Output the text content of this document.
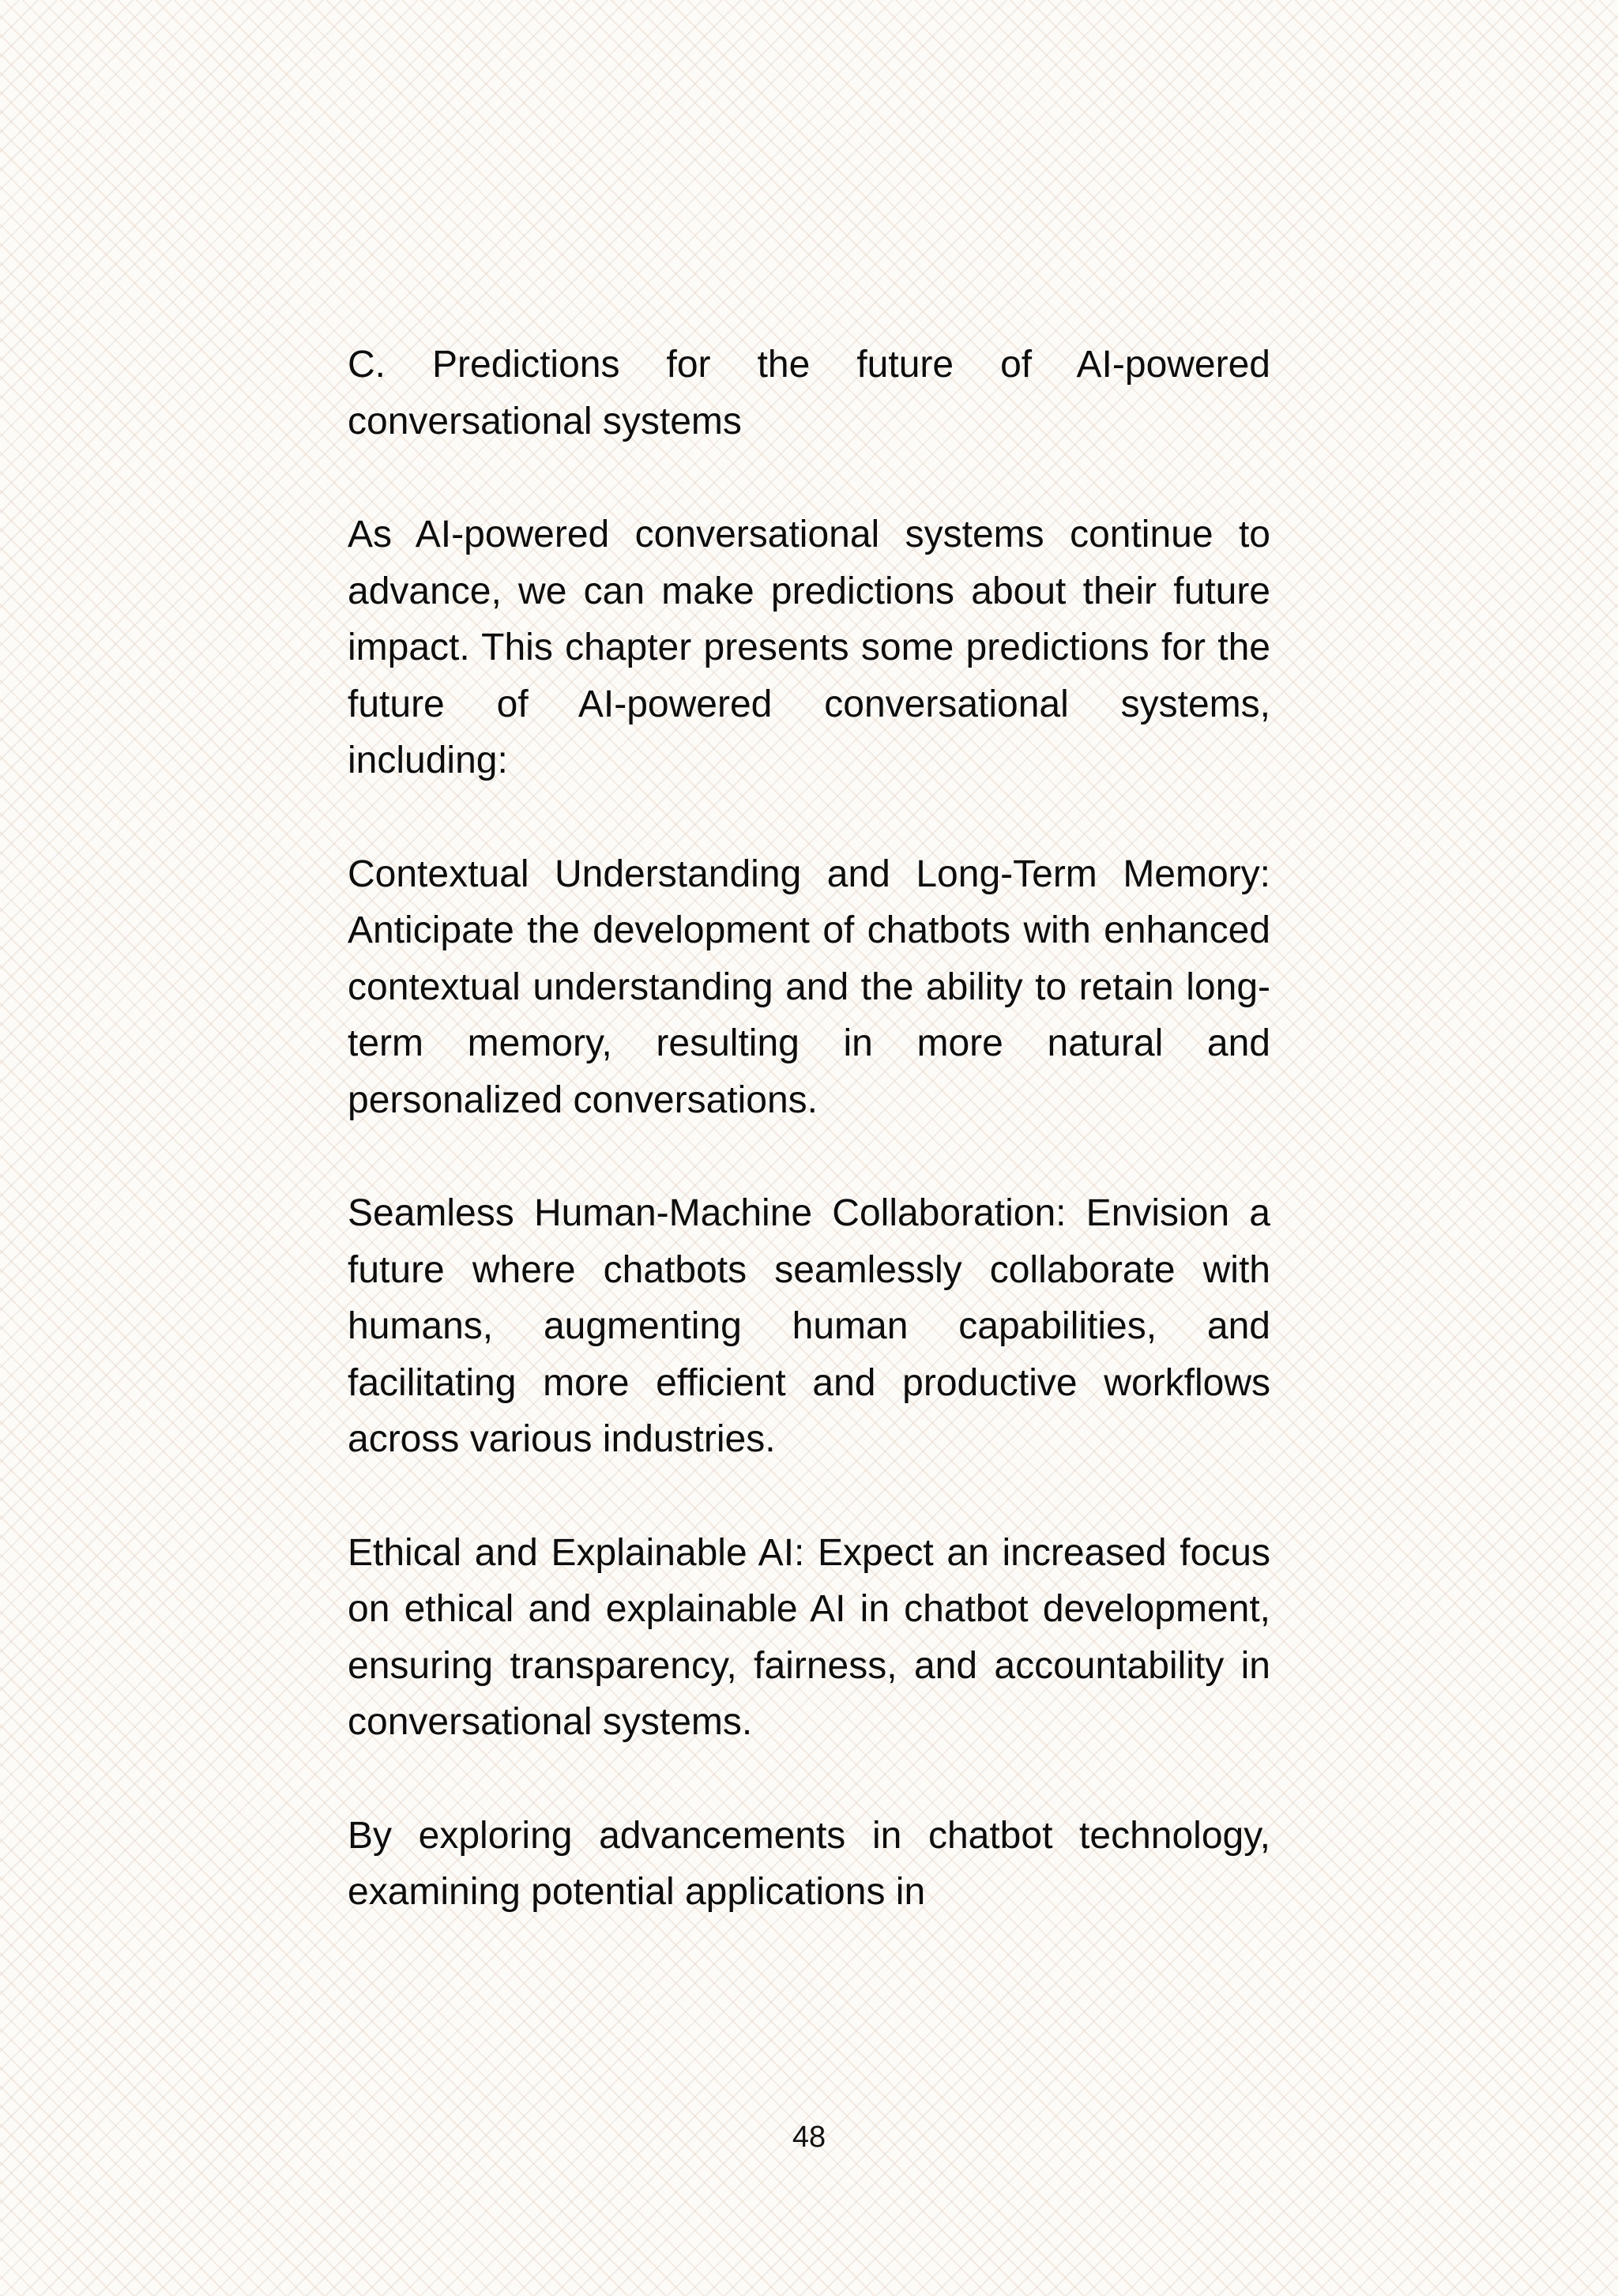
C. Predictions for the future of AI-powered conversational systems

As AI-powered conversational systems continue to advance, we can make predictions about their future impact. This chapter presents some predictions for the future of AI-powered conversational systems, including:

Contextual Understanding and Long-Term Memory: Anticipate the development of chatbots with enhanced contextual understanding and the ability to retain long-term memory, resulting in more natural and personalized conversations.

Seamless Human-Machine Collaboration: Envision a future where chatbots seamlessly collaborate with humans, augmenting human capabilities, and facilitating more efficient and productive workflows across various industries.

Ethical and Explainable AI: Expect an increased focus on ethical and explainable AI in chatbot development, ensuring transparency, fairness, and accountability in conversational systems.

By exploring advancements in chatbot technology, examining potential applications in

48
